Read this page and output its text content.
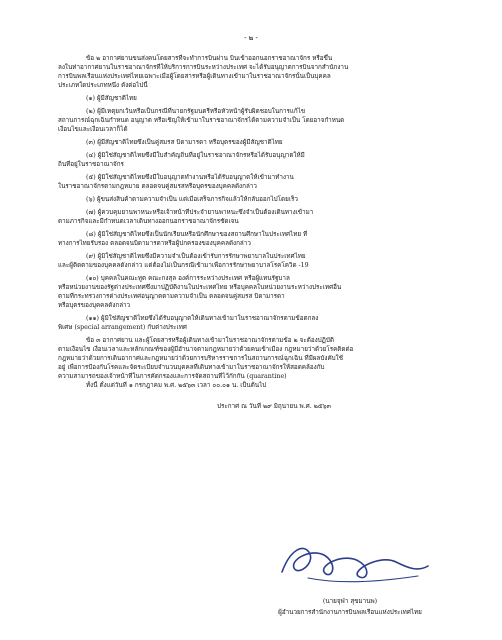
- ๒ -
ข้อ ๒ อากาศยานขนส่งคนโดยสารที่จะทำการบินผ่าน บินเข้าออกนอกราชอาณาจักร หรือขึ้น
ลงในท่าอากาศยานในราชอาณาจักรที่ให้บริการการบินระหว่างประเทศ จะได้รับอนุญาตการบินจากสำนักงาน
การบินพลเรือนแห่งประเทศไทยเฉพาะเมื่อผู้โดยสารหรือผู้เดินทางเข้ามาในราชอาณาจักรนั้นเป็นบุคคล
ประเภทใดประเภทหนึ่ง ดังต่อไปนี้
(๑) ผู้มีสัญชาติไทย
(๒) ผู้มีเหตุยกเว้นหรือเป็นกรณีที่นายกรัฐมนตรีหรือหัวหน้าผู้รับผิดชอบในการแก้ไข
สถานการณ์ฉุกเฉินกำหนด อนุญาต หรือเชิญให้เข้ามาในราชอาณาจักรได้ตามความจำเป็น โดยอาจกำหนด
เงื่อนไขและเงื่อนเวลาก็ได้
(๓) ผู้มีสัญชาติไทยซึ่งเป็นคู่สมรส บิดามารดา หรือบุตรของผู้มีสัญชาติไทย
(๔) ผู้มิใช่สัญชาติไทยซึ่งมีใบสำคัญถิ่นที่อยู่ในราชอาณาจักรหรือได้รับอนุญาตให้มี
ถิ่นที่อยู่ในราชอาณาจักร
(๕) ผู้มิใช่สัญชาติไทยซึ่งมีใบอนุญาตทำงานหรือได้รับอนุญาตให้เข้ามาทำงาน
ในราชอาณาจักรตามกฎหมาย ตลอดจนคู่สมรสหรือบุตรของบุคคลดังกล่าว
(๖) ผู้ขนส่งสินค้าตามความจำเป็น แต่เมื่อเสร็จภารกิจแล้วให้กลับออกไปโดยเร็ว
(๗) ผู้ควบคุมยานพาหนะหรือเจ้าหน้าที่ประจำยานพาหนะซึ่งจำเป็นต้องเดินทางเข้ามา
ตามภารกิจและมีกำหนดเวลาเดินทางออกนอกราชอาณาจักรชัดเจน
(๘) ผู้มิใช่สัญชาติไทยซึ่งเป็นนักเรียนหรือนักศึกษาของสถานศึกษาในประเทศไทย ที่
ทางการไทยรับรอง ตลอดจนบิดามารดาหรือผู้ปกครองของบุคคลดังกล่าว
(๙) ผู้มิใช่สัญชาติไทยซึ่งมีความจำเป็นต้องเข้ารับการรักษาพยาบาลในประเทศไทย
และผู้ติดตามของบุคคลดังกล่าว แต่ต้องไม่เป็นกรณีเข้ามาเพื่อการรักษาพยาบาลโรคโควิด -19
(๑๐) บุคคลในคณะทูต คณะกงสุล องค์การระหว่างประเทศ หรือผู้แทนรัฐบาล
หรือหน่วยงานของรัฐต่างประเทศซึ่งมาปฏิบัติงานในประเทศไทย หรือบุคคลในหน่วยงานระหว่างประเทศอื่น
ตามที่กระทรวงการต่างประเทศอนุญาตตามความจำเป็น ตลอดจนคู่สมรส บิดามารดา
หรือบุตรของบุคคลดังกล่าว
(๑๑) ผู้มิใช่สัญชาติไทยซึ่งได้รับอนุญาตให้เดินทางเข้ามาในราชอาณาจักรตามข้อตกลง
พิเศษ (special arrangement) กับต่างประเทศ
ข้อ ๓ อากาศยาน และผู้โดยสารหรือผู้เดินทางเข้ามาในราชอาณาจักรตามข้อ ๒ จะต้องปฏิบัติ
ตามเงื่อนไข เงื่อนเวลาและหลักเกณฑ์ของผู้มีอำนาจตามกฎหมายว่าด้วยคนเข้าเมือง กฎหมายว่าด้วยโรคติดต่อ
กฎหมายว่าด้วยการเดินอากาศและกฎหมายว่าด้วยการบริหารราชการในสถานการณ์ฉุกเฉิน ที่มีผลบังคับใช้
อยู่ เพื่อการป้องกันโรคและจัดระเบียบจำนวนบุคคลที่เดินทางเข้ามาในราชอาณาจักรให้สอดคล้องกับ
ความสามารถของเจ้าหน้าที่ในการคัดกรองและการจัดสถานที่ไว้กักกัน (quarantine)
ทั้งนี้ ตั้งแต่วันที่ ๑ กรกฎาคม พ.ศ. ๒๕๖๓ เวลา ๐๐.๐๑ น. เป็นต้นไป
ประกาศ ณ วันที่ ๒๙ มิถุนายน พ.ศ. ๒๕๖๓
(นายจุฬา สุขมานพ)
ผู้อำนวยการสำนักงานการบินพลเรือนแห่งประเทศไทย
